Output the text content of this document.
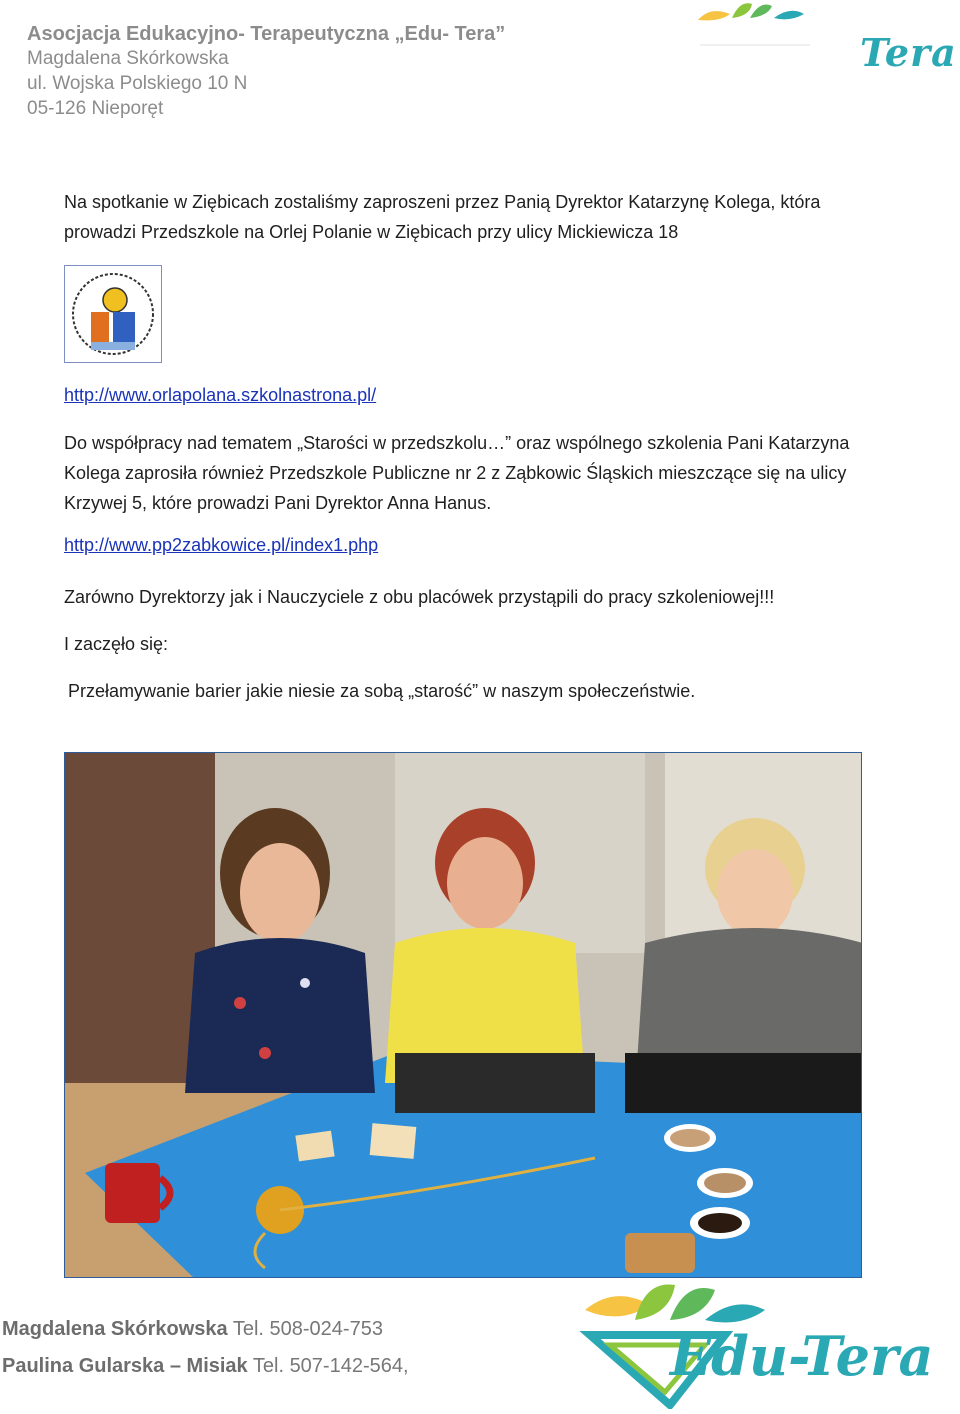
Asocjacja Edukacyjno- Terapeutyczna „Edu- Tera”
Magdalena Skórkowska
ul. Wojska Polskiego 10 N
05-126 Nieporęt
Tera
Na spotkanie w Ziębicach zostaliśmy zaproszeni przez Panią Dyrektor Katarzynę Kolega, która prowadzi Przedszkole na Orlej Polanie w Ziębicach przy ulicy Mickiewicza 18
http://www.orlapolana.szkolnastrona.pl/
Do współpracy nad tematem „Starości w przedszkolu…” oraz wspólnego szkolenia Pani Katarzyna Kolega zaprosiła również Przedszkole Publiczne nr 2 z Ząbkowic Śląskich mieszczące się na ulicy Krzywej 5, które prowadzi Pani Dyrektor Anna Hanus.
http://www.pp2zabkowice.pl/index1.php
Zarówno Dyrektorzy jak i Nauczyciele z obu placówek przystąpili do pracy szkoleniowej!!!
I zaczęło się:
Przełamywanie barier jakie niesie za sobą „starość” w naszym społeczeństwie.
Magdalena Skórkowska Tel. 508-024-753
Paulina Gularska – Misiak Tel. 507-142-564,	Edu-Tera
